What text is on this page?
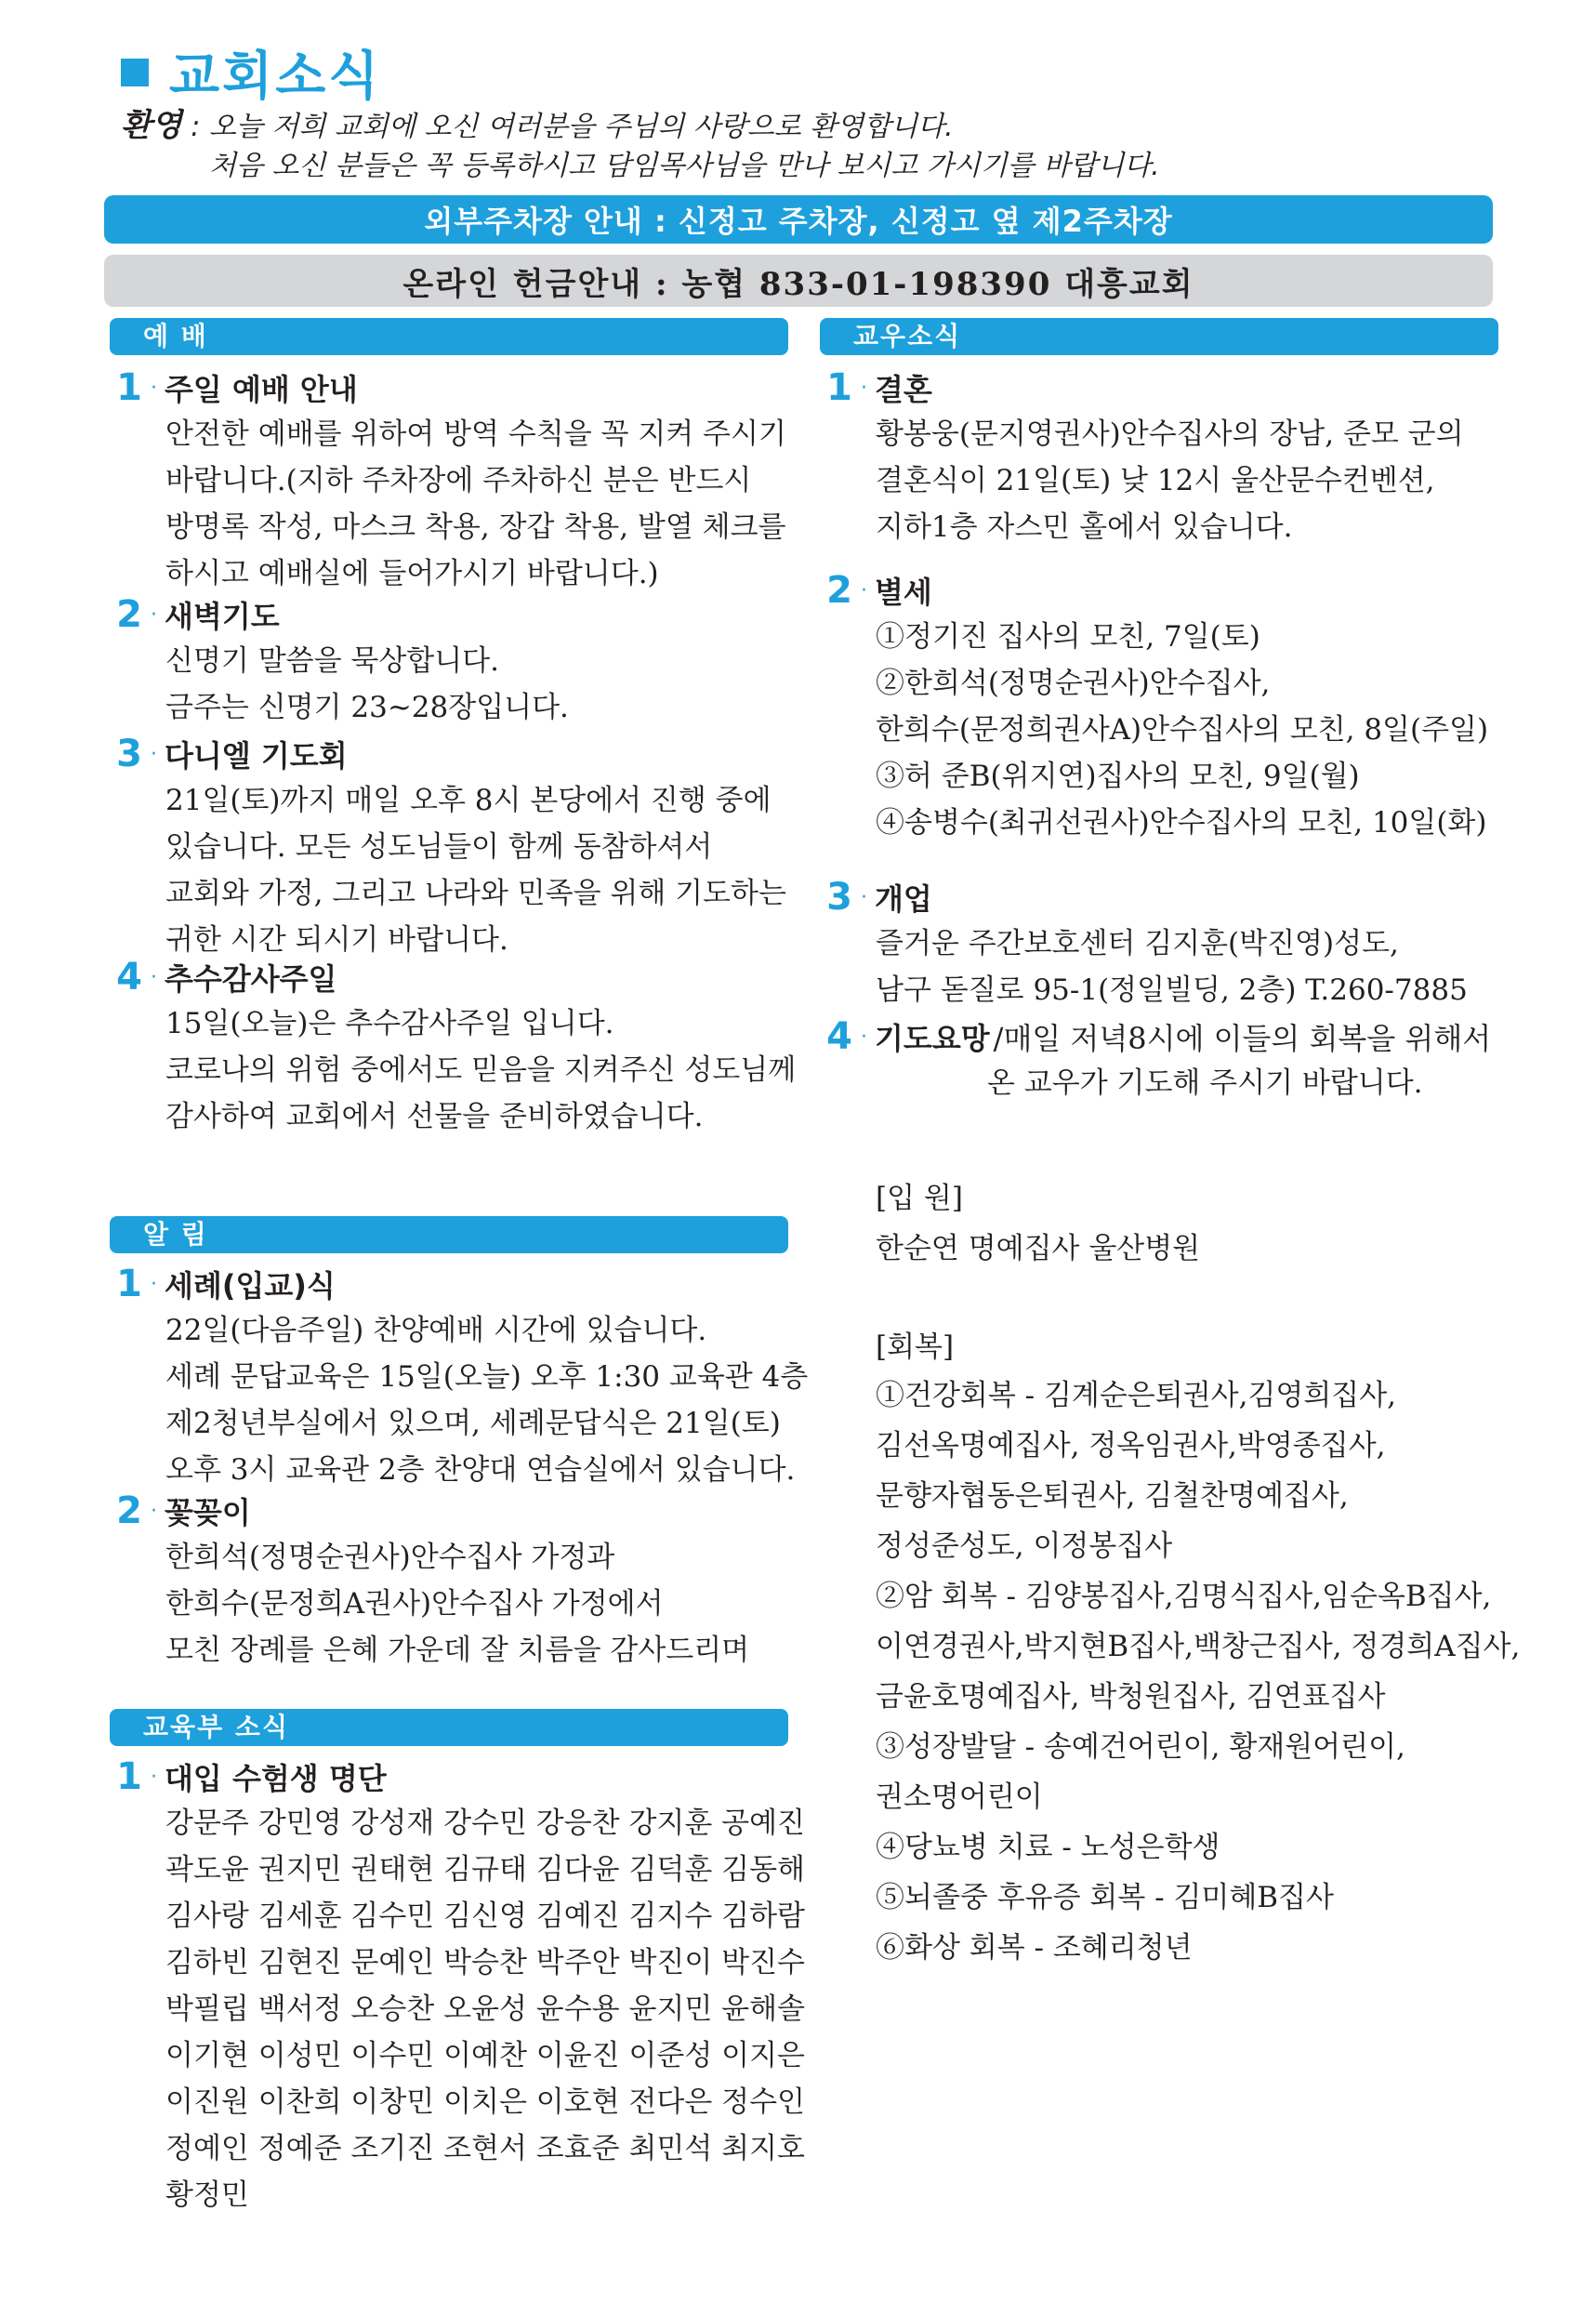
교회소식
환영 : 오늘 저희 교회에 오신 여러분을 주님의 사랑으로 환영합니다.
처음 오신 분들은 꼭 등록하시고 담임목사님을 만나 보시고 가시기를 바랍니다.
외부주차장 안내 : 신정고 주차장, 신정고 옆 제2주차장
온라인 헌금안내 : 농협 833-01-198390 대흥교회
예 배
1 · 주일 예배 안내
안전한 예배를 위하여 방역 수칙을 꼭 지켜 주시기
바랍니다.(지하 주차장에 주차하신 분은 반드시
방명록 작성, 마스크 착용, 장갑 착용, 발열 체크를
하시고 예배실에 들어가시기 바랍니다.)
2 · 새벽기도
신명기 말씀을 묵상합니다.
금주는 신명기 23~28장입니다.
3 · 다니엘 기도회
21일(토)까지 매일 오후 8시 본당에서 진행 중에
있습니다. 모든 성도님들이 함께 동참하셔서
교회와 가정, 그리고 나라와 민족을 위해 기도하는
귀한 시간 되시기 바랍니다.
4 · 추수감사주일
15일(오늘)은 추수감사주일 입니다.
코로나의 위험 중에서도 믿음을 지켜주신 성도님께
감사하여 교회에서 선물을 준비하였습니다.
알 림
1 · 세례(입교)식
22일(다음주일) 찬양예배 시간에 있습니다.
세례 문답교육은 15일(오늘) 오후 1:30 교육관 4층
제2청년부실에서 있으며, 세례문답식은 21일(토)
오후 3시 교육관 2층 찬양대 연습실에서 있습니다.
2 · 꽃꽂이
한희석(정명순권사)안수집사 가정과
한희수(문정희A권사)안수집사 가정에서
모친 장례를 은혜 가운데 잘 치름을 감사드리며
교육부 소식
1 · 대입 수험생 명단
강문주 강민영 강성재 강수민 강응찬 강지훈 공예진
곽도윤 권지민 권태현 김규태 김다윤 김덕훈 김동해
김사랑 김세훈 김수민 김신영 김예진 김지수 김하람
김하빈 김현진 문예인 박승찬 박주안 박진이 박진수
박필립 백서정 오승찬 오윤성 윤수용 윤지민 윤해솔
이기현 이성민 이수민 이예찬 이윤진 이준성 이지은
이진원 이찬희 이창민 이치은 이호현 전다은 정수인
정예인 정예준 조기진 조현서 조효준 최민석 최지호
황정민
교우소식
1 · 결혼
황봉웅(문지영권사)안수집사의 장남, 준모 군의
결혼식이 21일(토) 낮 12시 울산문수컨벤션,
지하1층 자스민 홀에서 있습니다.
2 · 별세
①정기진 집사의 모친, 7일(토)
②한희석(정명순권사)안수집사,
한희수(문정희권사A)안수집사의 모친, 8일(주일)
③허 준B(위지연)집사의 모친, 9일(월)
④송병수(최귀선권사)안수집사의 모친, 10일(화)
3 · 개업
즐거운 주간보호센터 김지훈(박진영)성도,
남구 돋질로 95-1(정일빌딩, 2층) T.260-7885
4 · 기도요망 /매일 저녁8시에 이들의 회복을 위해서
온 교우가 기도해 주시기 바랍니다.
[입 원]
한순연 명예집사 울산병원
[회복]
①건강회복 - 김계순은퇴권사,김영희집사,
김선옥명예집사, 정옥임권사,박영종집사,
문향자협동은퇴권사, 김철찬명예집사,
정성준성도, 이정봉집사
②암 회복 - 김양봉집사,김명식집사,임순옥B집사,
이연경권사,박지현B집사,백창근집사, 정경희A집사,
금윤호명예집사, 박청원집사, 김연표집사
③성장발달 - 송예건어린이, 황재원어린이,
권소명어린이
④당뇨병 치료 - 노성은학생
⑤뇌졸중 후유증 회복 - 김미혜B집사
⑥화상 회복 - 조혜리청년
